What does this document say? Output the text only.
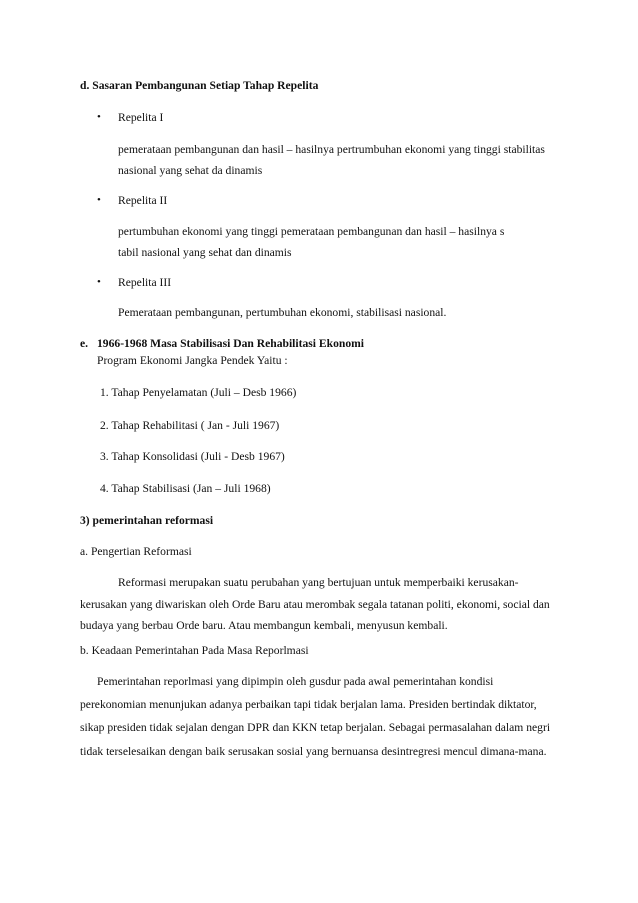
d. Sasaran Pembangunan Setiap Tahap Repelita
• Repelita I
pemerataan pembangunan dan hasil – hasilnya pertrumbuhan ekonomi yang tinggi stabilitas
nasional yang sehat da dinamis
• Repelita II
pertumbuhan ekonomi yang tinggi pemerataan pembangunan dan hasil – hasilnya s
tabil nasional yang sehat dan dinamis
• Repelita III
Pemerataan pembangunan, pertumbuhan ekonomi, stabilisasi nasional.
e. 1966-1968 Masa Stabilisasi Dan Rehabilitasi Ekonomi
Program Ekonomi Jangka Pendek Yaitu :
1. Tahap Penyelamatan (Juli – Desb 1966)
2. Tahap Rehabilitasi ( Jan - Juli 1967)
3. Tahap Konsolidasi (Juli - Desb 1967)
4. Tahap Stabilisasi (Jan – Juli 1968)
3) pemerintahan reformasi
a. Pengertian Reformasi
Reformasi merupakan suatu perubahan yang bertujuan untuk memperbaiki kerusakan-
kerusakan yang diwariskan oleh Orde Baru atau merombak segala tatanan politi, ekonomi, social dan
budaya yang berbau Orde baru. Atau membangun kembali, menyusun kembali.
b. Keadaan Pemerintahan Pada Masa Reporlmasi
Pemerintahan reporlmasi yang dipimpin oleh gusdur pada awal pemerintahan kondisi
perekonomian menunjukan adanya perbaikan tapi tidak berjalan lama. Presiden bertindak diktator,
sikap presiden tidak sejalan dengan DPR dan KKN tetap berjalan. Sebagai permasalahan dalam negri
tidak terselesaikan dengan baik serusakan sosial yang bernuansa desintregresi mencul dimana-mana.
